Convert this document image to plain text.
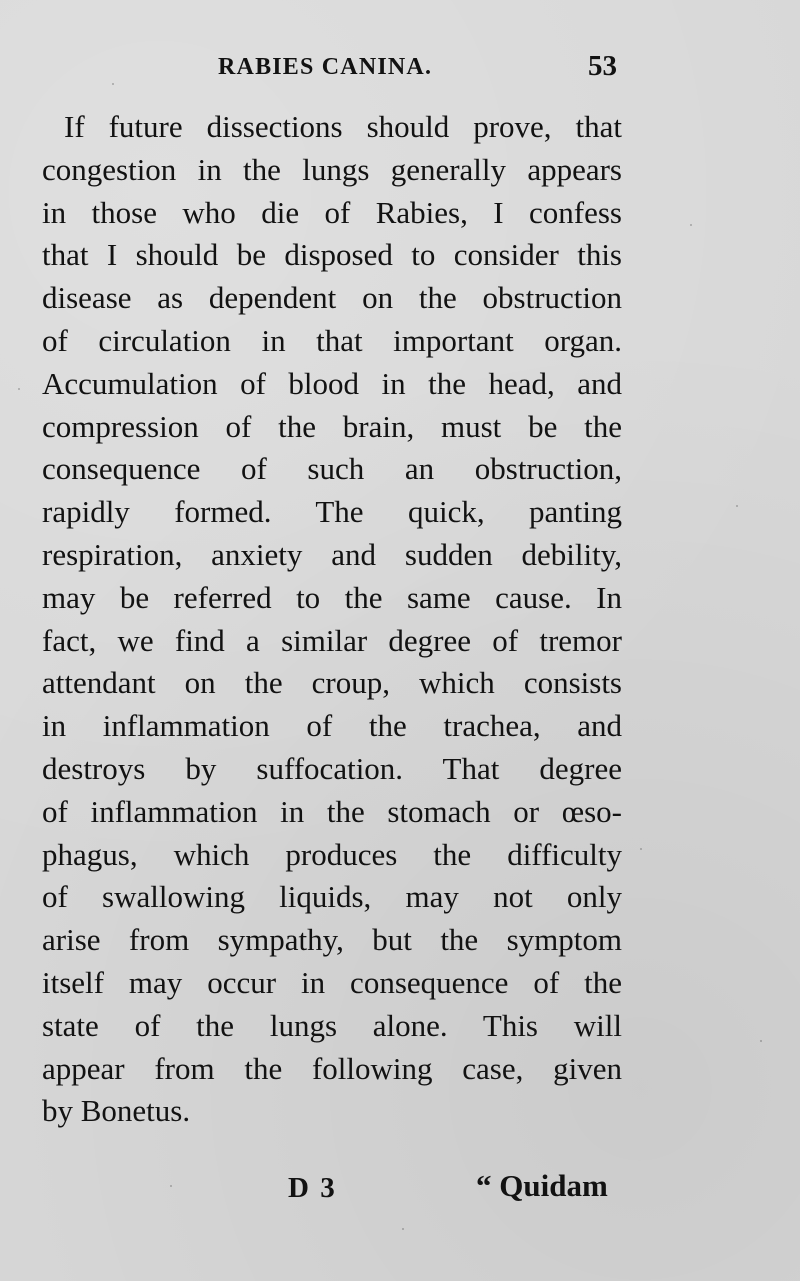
RABIES CANINA.	53
If future dissections should prove, that
congestion in the lungs generally appears
in those who die of Rabies, I confess
that I should be disposed to consider this
disease as dependent on the obstruction
of circulation in that important organ.
Accumulation of blood in the head, and
compression of the brain, must be the
consequence of such an obstruction,
rapidly formed. The quick, panting
respiration, anxiety and sudden debility,
may be referred to the same cause. In
fact, we find a similar degree of tremor
attendant on the croup, which consists
in inflammation of the trachea, and
destroys by suffocation. That degree
of inflammation in the stomach or œso-
phagus, which produces the difficulty
of swallowing liquids, may not only
arise from sympathy, but the symptom
itself may occur in consequence of the
state of the lungs alone. This will
appear from the following case, given
by Bonetus.
D 3	“ Quidam
